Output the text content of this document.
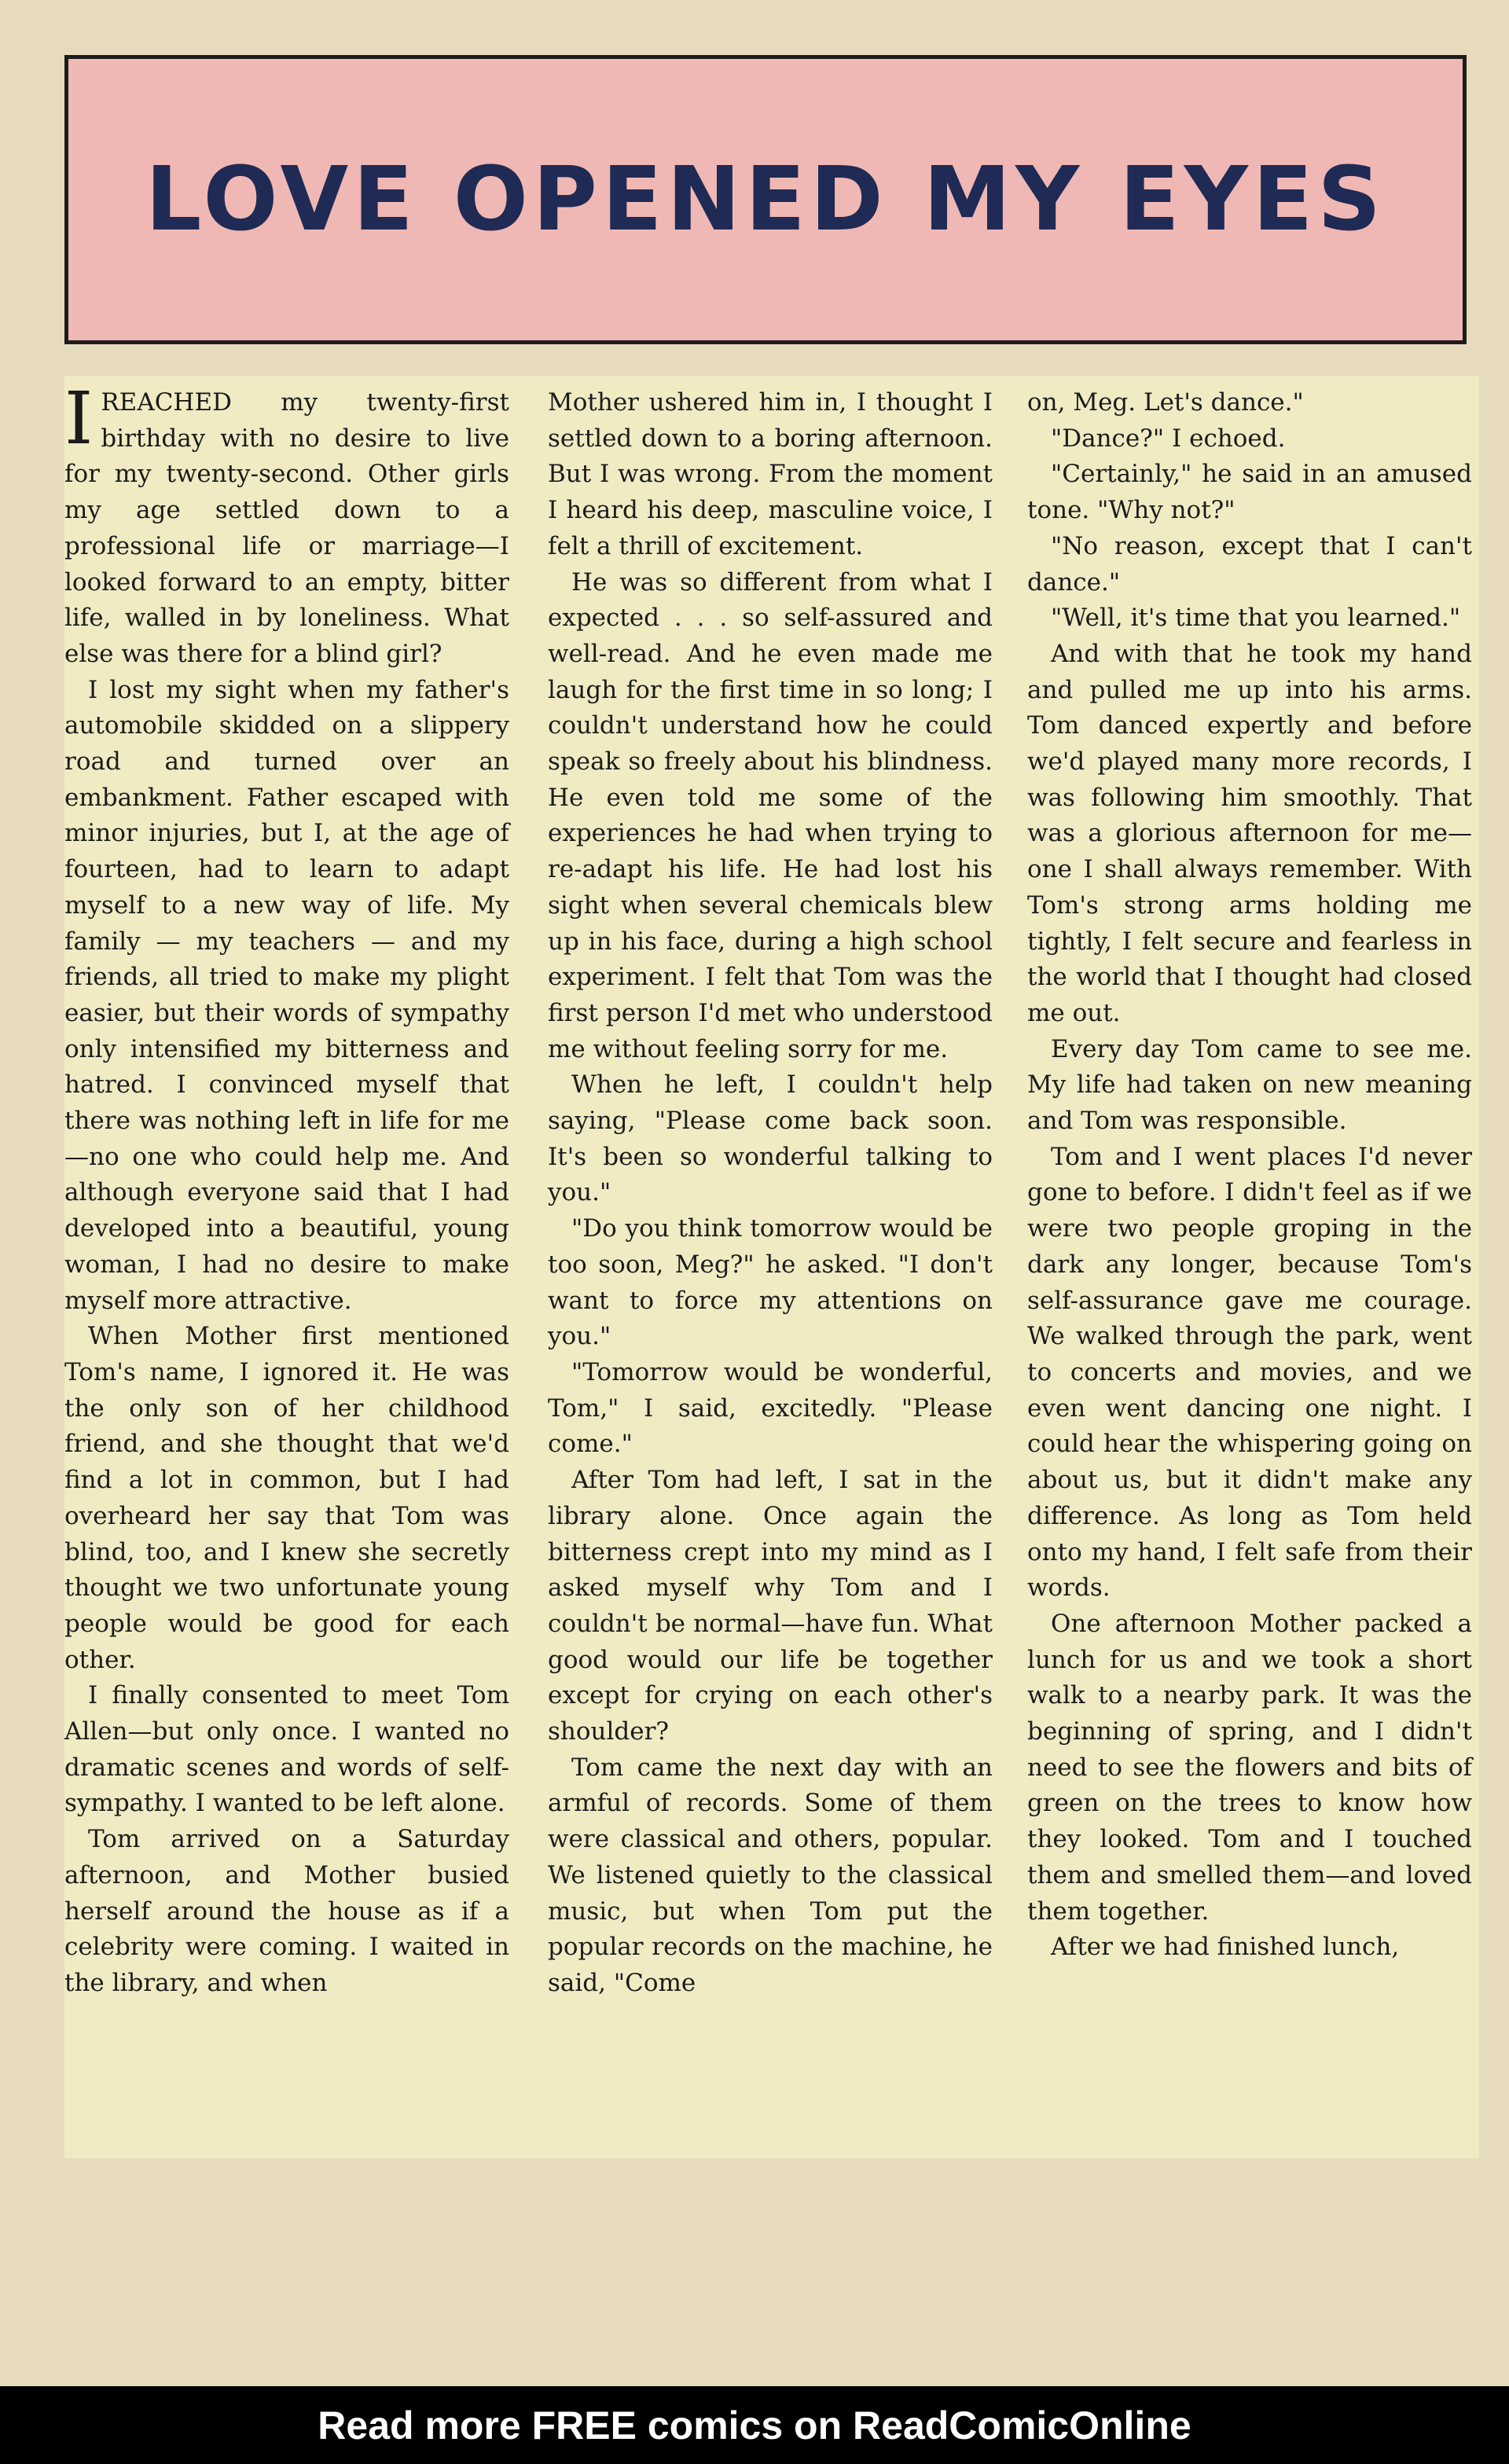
LOVE OPENED MY EYES

I REACHED my twenty-first birthday with no desire to live for my twenty-second. Other girls my age settled down to a professional life or marriage—I looked forward to an empty, bitter life, walled in by loneliness. What else was there for a blind girl?

I lost my sight when my father's automobile skidded on a slippery road and turned over an embankment. Father escaped with minor injuries, but I, at the age of fourteen, had to learn to adapt myself to a new way of life. My family — my teachers — and my friends, all tried to make my plight easier, but their words of sympathy only intensified my bitterness and hatred. I convinced myself that there was nothing left in life for me—no one who could help me. And although everyone said that I had developed into a beautiful, young woman, I had no desire to make myself more attractive.

When Mother first mentioned Tom's name, I ignored it. He was the only son of her childhood friend, and she thought that we'd find a lot in common, but I had overheard her say that Tom was blind, too, and I knew she secretly thought we two unfortunate young people would be good for each other.

I finally consented to meet Tom Allen—but only once. I wanted no dramatic scenes and words of self-sympathy. I wanted to be left alone.

Tom arrived on a Saturday afternoon, and Mother busied herself around the house as if a celebrity were coming. I waited in the library, and when

Mother ushered him in, I thought I settled down to a boring afternoon. But I was wrong. From the moment I heard his deep, masculine voice, I felt a thrill of excitement.

He was so different from what I expected . . . so self-assured and well-read. And he even made me laugh for the first time in so long; I couldn't understand how he could speak so freely about his blindness. He even told me some of the experiences he had when trying to re-adapt his life. He had lost his sight when several chemicals blew up in his face, during a high school experiment. I felt that Tom was the first person I'd met who understood me without feeling sorry for me.

When he left, I couldn't help saying, "Please come back soon. It's been so wonderful talking to you."

"Do you think tomorrow would be too soon, Meg?" he asked. "I don't want to force my attentions on you."

"Tomorrow would be wonderful, Tom," I said, excitedly. "Please come."

After Tom had left, I sat in the library alone. Once again the bitterness crept into my mind as I asked myself why Tom and I couldn't be normal—have fun. What good would our life be together except for crying on each other's shoulder?

Tom came the next day with an armful of records. Some of them were classical and others, popular. We listened quietly to the classical music, but when Tom put the popular records on the machine, he said, "Come

on, Meg. Let's dance."

"Dance?" I echoed.

"Certainly," he said in an amused tone. "Why not?"

"No reason, except that I can't dance."

"Well, it's time that you learned."

And with that he took my hand and pulled me up into his arms. Tom danced expertly and before we'd played many more records, I was following him smoothly. That was a glorious afternoon for me—one I shall always remember. With Tom's strong arms holding me tightly, I felt secure and fearless in the world that I thought had closed me out.

Every day Tom came to see me. My life had taken on new meaning and Tom was responsible.

Tom and I went places I'd never gone to before. I didn't feel as if we were two people groping in the dark any longer, because Tom's self-assurance gave me courage. We walked through the park, went to concerts and movies, and we even went dancing one night. I could hear the whispering going on about us, but it didn't make any difference. As long as Tom held onto my hand, I felt safe from their words.

One afternoon Mother packed a lunch for us and we took a short walk to a nearby park. It was the beginning of spring, and I didn't need to see the flowers and bits of green on the trees to know how they looked. Tom and I touched them and smelled them—and loved them together.

After we had finished lunch,

Read more FREE comics on ReadComicOnline
